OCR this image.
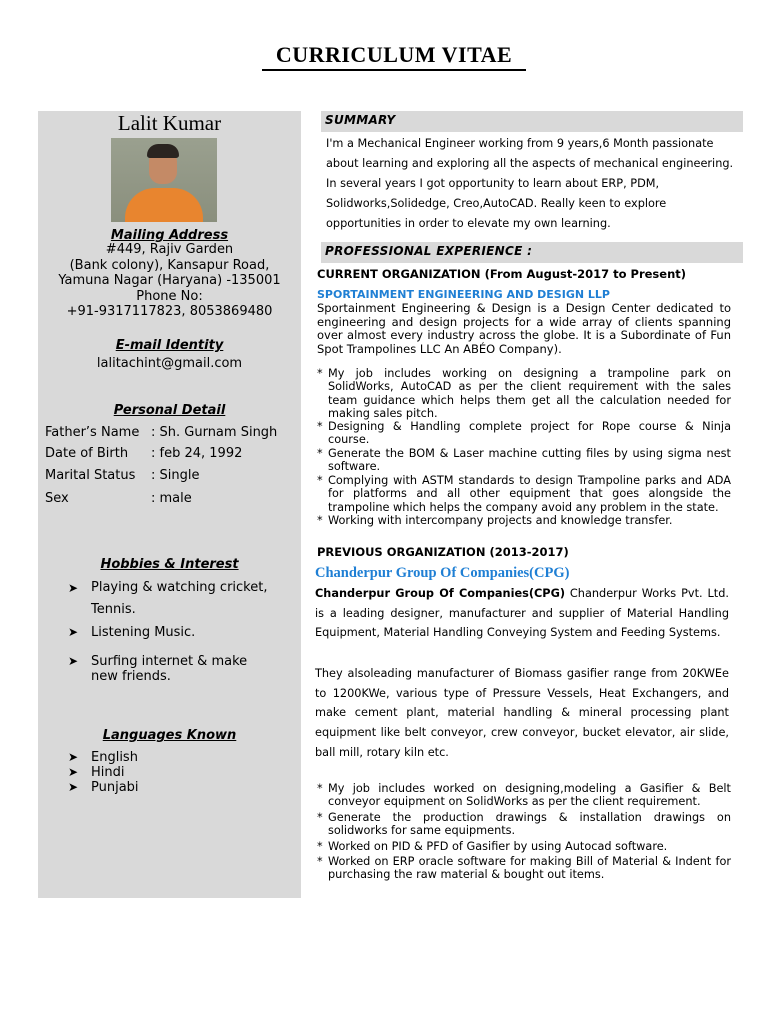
CURRICULUM VITAE
Lalit Kumar
Mailing Address
#449, Rajiv Garden
(Bank colony), Kansapur Road,
Yamuna Nagar (Haryana) -135001
Phone No:
+91-9317117823, 8053869480
E-mail Identity
lalitachint@gmail.com
Personal Detail
Father’s Name : Sh. Gurnam Singh
Date of Birth : feb 24, 1992
Marital Status : Single
Sex	: male
Hobbies & Interest
➤ Playing & watching cricket, Tennis.
➤ Listening Music.
➤ Surfing internet & make new friends.
Languages Known
➤ English
➤ Hindi
➤ Punjabi
SUMMARY
I'm a Mechanical Engineer working from 9 years,6 Month passionate about learning and exploring all the aspects of mechanical engineering. In several years I got opportunity to learn about ERP, PDM, Solidworks,Solidedge, Creo,AutoCAD. Really keen to explore opportunities in order to elevate my own learning.
PROFESSIONAL EXPERIENCE :
CURRENT ORGANIZATION (From August-2017 to Present)
SPORTAINMENT ENGINEERING AND DESIGN LLP
Sportainment Engineering & Design is a Design Center dedicated to engineering and design projects for a wide array of clients spanning over almost every industry across the globe. It is a Subordinate of Fun Spot Trampolines LLC An ABÉO Company).
* My job includes working on designing a trampoline park on SolidWorks, AutoCAD as per the client requirement with the sales team guidance which helps them get all the calculation needed for making sales pitch.
* Designing & Handling complete project for Rope course & Ninja course.
* Generate the BOM & Laser machine cutting files by using sigma nest software.
* Complying with ASTM standards to design Trampoline parks and ADA for platforms and all other equipment that goes alongside the trampoline which helps the company avoid any problem in the state.
* Working with intercompany projects and knowledge transfer.
PREVIOUS ORGANIZATION (2013-2017)
Chanderpur Group Of Companies(CPG)
Chanderpur Group Of Companies(CPG) Chanderpur Works Pvt. Ltd. is a leading designer, manufacturer and supplier of Material Handling Equipment, Material Handling Conveying System and Feeding Systems.
They alsoleading manufacturer of Biomass gasifier range from 20KWEe to 1200KWe, various type of Pressure Vessels, Heat Exchangers, and make cement plant, material handling & mineral processing plant equipment like belt conveyor, crew conveyor, bucket elevator, air slide, ball mill, rotary kiln etc.
* My job includes worked on designing,modeling a Gasifier & Belt conveyor equipment on SolidWorks as per the client requirement.
* Generate the production drawings & installation drawings on solidworks for same equipments.
* Worked on PID & PFD of Gasifier by using Autocad software.
* Worked on ERP oracle software for making Bill of Material & Indent for purchasing the raw material & bought out items.
